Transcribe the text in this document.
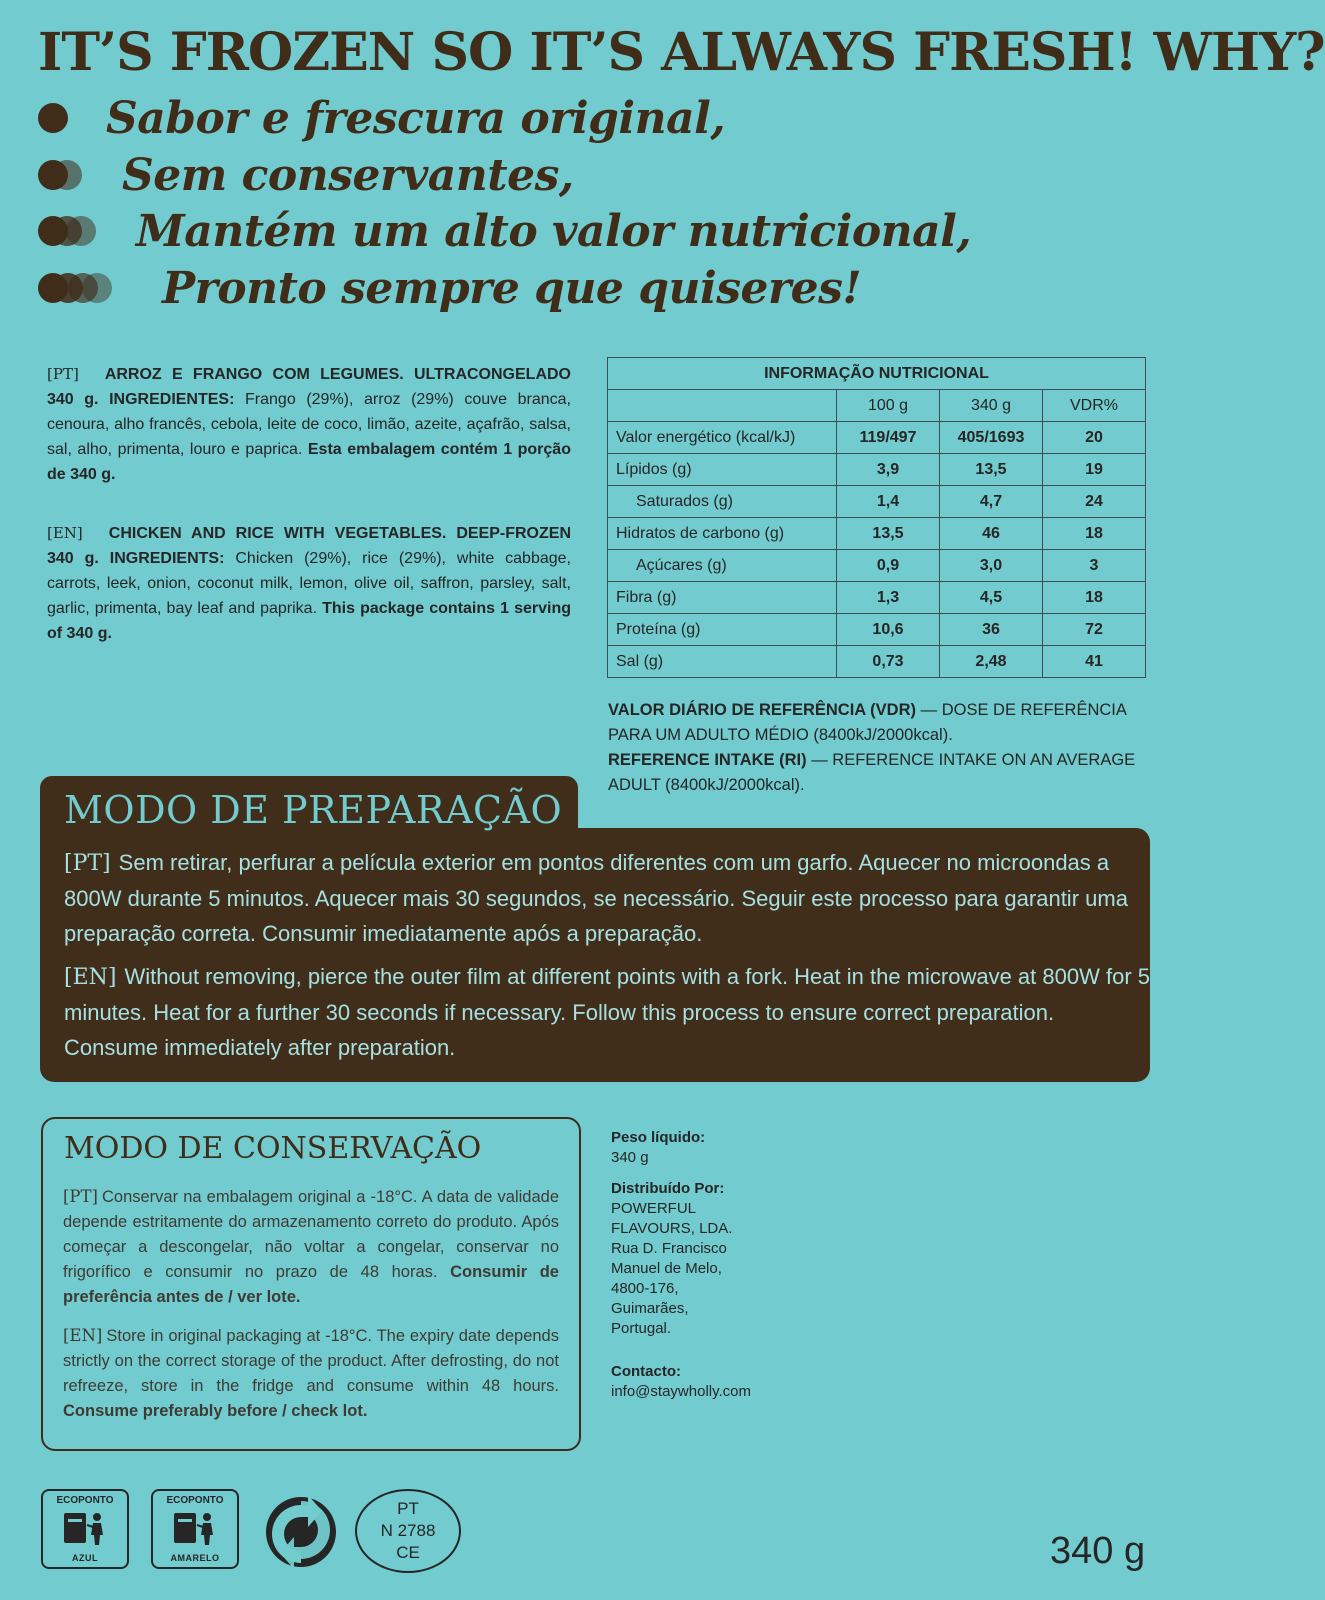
IT’S FROZEN SO IT’S ALWAYS FRESH! WHY?
Sabor e frescura original,
Sem conservantes,
Mantém um alto valor nutricional,
Pronto sempre que quiseres!
[PT] ARROZ E FRANGO COM LEGUMES. ULTRACONGELADO 340 g. INGREDIENTES: Frango (29%), arroz (29%) couve branca, cenoura, alho francês, cebola, leite de coco, limão, azeite, açafrão, salsa, sal, alho, primenta, louro e paprica. Esta embalagem contém 1 porção de 340 g.
[EN] CHICKEN AND RICE WITH VEGETABLES. DEEP-FROZEN 340 g. INGREDIENTS: Chicken (29%), rice (29%), white cabbage, carrots, leek, onion, coconut milk, lemon, olive oil, saffron, parsley, salt, garlic, primenta, bay leaf and paprika. This package contains 1 serving of 340 g.
INFORMAÇÃO NUTRICIONAL			
	100 g	340 g	VDR%
Valor energético (kcal/kJ)	119/497	405/1693	20
Lípidos (g)	3,9	13,5	19
Saturados (g)	1,4	4,7	24
Hidratos de carbono (g)	13,5	46	18
Açúcares (g)	0,9	3,0	3
Fibra (g)	1,3	4,5	18
Proteína (g)	10,6	36	72
Sal (g)	0,73	2,48	41
VALOR DIÁRIO DE REFERÊNCIA (VDR) — DOSE DE REFERÊNCIA PARA UM ADULTO MÉDIO (8400kJ/2000kcal).
REFERENCE INTAKE (RI) — REFERENCE INTAKE ON AN AVERAGE ADULT (8400kJ/2000kcal).
MODO DE PREPARAÇÃO
[PT] Sem retirar, perfurar a película exterior em pontos diferentes com um garfo. Aquecer no microondas a 800W durante 5 minutos. Aquecer mais 30 segundos, se necessário. Seguir este processo para garantir uma preparação correta. Consumir imediatamente após a preparação.
[EN] Without removing, pierce the outer film at different points with a fork. Heat in the microwave at 800W for 5 minutes. Heat for a further 30 seconds if necessary. Follow this process to ensure correct preparation. Consume immediately after preparation.
MODO DE CONSERVAÇÃO
[PT] Conservar na embalagem original a -18°C. A data de validade depende estritamente do armazenamento correto do produto. Após começar a descongelar, não voltar a congelar, conservar no frigorífico e consumir no prazo de 48 horas. Consumir de preferência antes de / ver lote.
[EN] Store in original packaging at -18°C. The expiry date depends strictly on the correct storage of the product. After defrosting, do not refreeze, store in the fridge and consume within 48 hours. Consume preferably before / check lot.
Peso líquido:
340 g
Distribuído Por:
POWERFUL
FLAVOURS, LDA.
Rua D. Francisco
Manuel de Melo,
4800-176,
Guimarães,
Portugal.
Contacto:
info@staywholly.com
ECOPONTO
AZUL
ECOPONTO
AMARELO
PT
N 2788
CE	340 g
